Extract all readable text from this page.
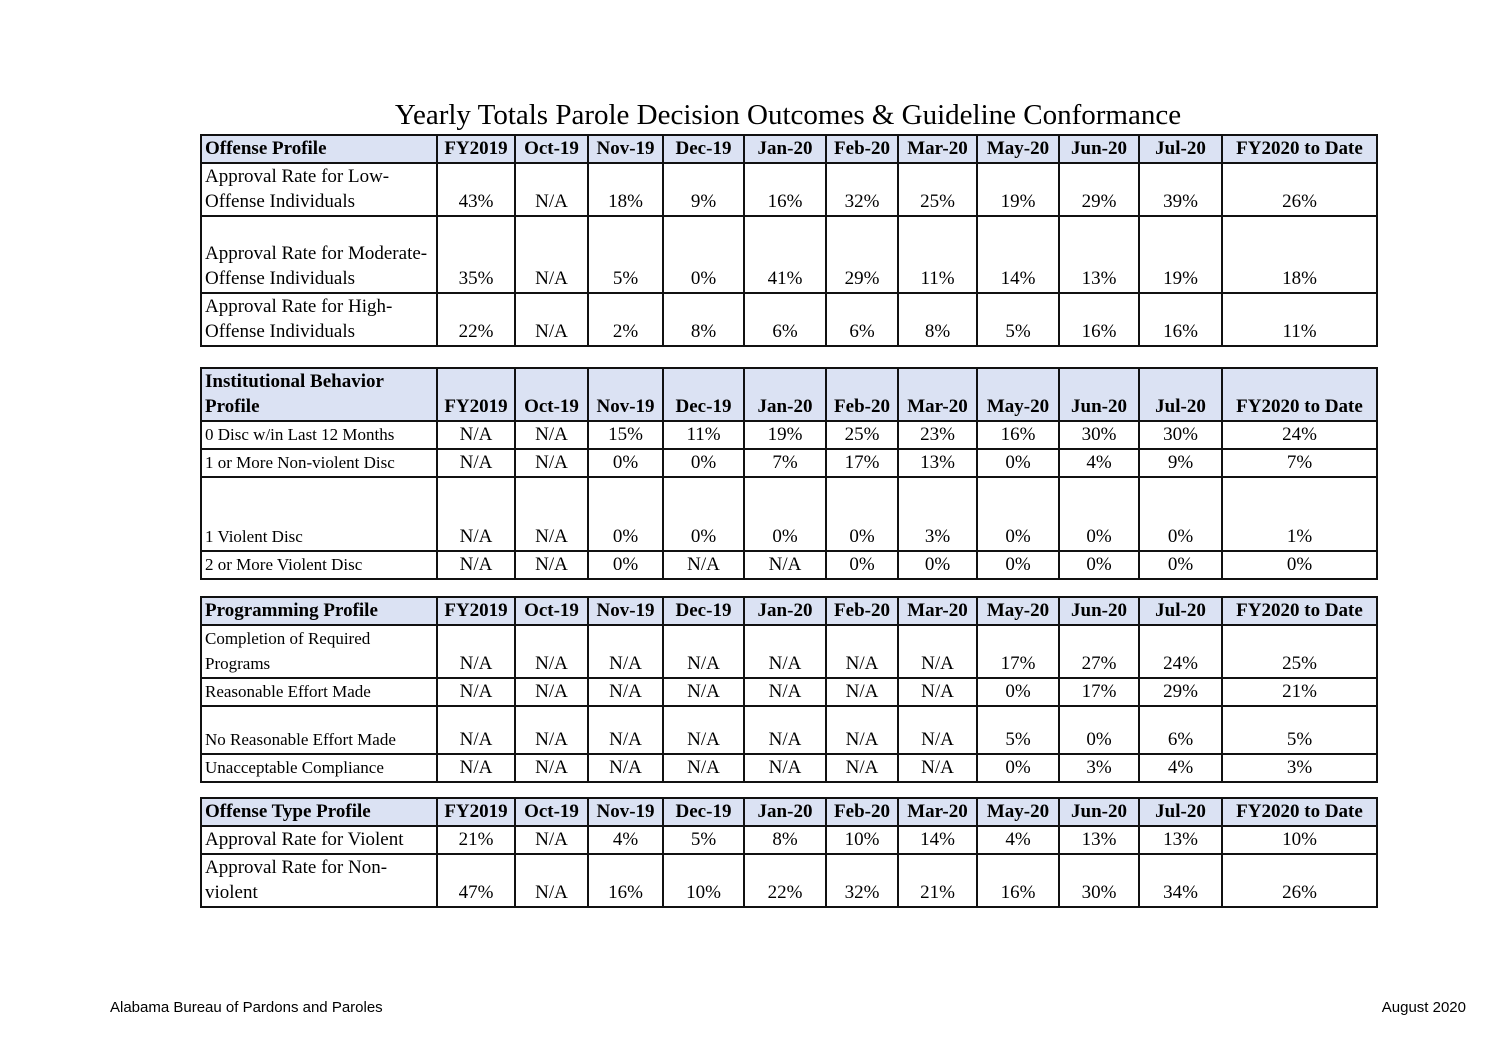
Yearly Totals Parole Decision Outcomes & Guideline Conformance
Offense Profile	FY2019	Oct-19	Nov-19	Dec-19	Jan-20	Feb-20	Mar-20	May-20	Jun-20	Jul-20	FY2020 to Date
Approval Rate for Low-Offense Individuals	43%	N/A	18%	9%	16%	32%	25%	19%	29%	39%	26%
Approval Rate for Moderate-Offense Individuals	35%	N/A	5%	0%	41%	29%	11%	14%	13%	19%	18%
Approval Rate for High-Offense Individuals	22%	N/A	2%	8%	6%	6%	8%	5%	16%	16%	11%
Institutional Behavior Profile	FY2019	Oct-19	Nov-19	Dec-19	Jan-20	Feb-20	Mar-20	May-20	Jun-20	Jul-20	FY2020 to Date
0 Disc w/in Last 12 Months	N/A	N/A	15%	11%	19%	25%	23%	16%	30%	30%	24%
1 or More Non-violent Disc	N/A	N/A	0%	0%	7%	17%	13%	0%	4%	9%	7%
1 Violent Disc	N/A	N/A	0%	0%	0%	0%	3%	0%	0%	0%	1%
2 or More Violent Disc	N/A	N/A	0%	N/A	N/A	0%	0%	0%	0%	0%	0%
Programming Profile	FY2019	Oct-19	Nov-19	Dec-19	Jan-20	Feb-20	Mar-20	May-20	Jun-20	Jul-20	FY2020 to Date
Completion of Required Programs	N/A	N/A	N/A	N/A	N/A	N/A	N/A	17%	27%	24%	25%
Reasonable Effort Made	N/A	N/A	N/A	N/A	N/A	N/A	N/A	0%	17%	29%	21%
No Reasonable Effort Made	N/A	N/A	N/A	N/A	N/A	N/A	N/A	5%	0%	6%	5%
Unacceptable Compliance	N/A	N/A	N/A	N/A	N/A	N/A	N/A	0%	3%	4%	3%
Offense Type Profile	FY2019	Oct-19	Nov-19	Dec-19	Jan-20	Feb-20	Mar-20	May-20	Jun-20	Jul-20	FY2020 to Date
Approval Rate for Violent	21%	N/A	4%	5%	8%	10%	14%	4%	13%	13%	10%
Approval Rate for Non-violent	47%	N/A	16%	10%	22%	32%	21%	16%	30%	34%	26%
Alabama Bureau of Pardons and Paroles	August 2020
